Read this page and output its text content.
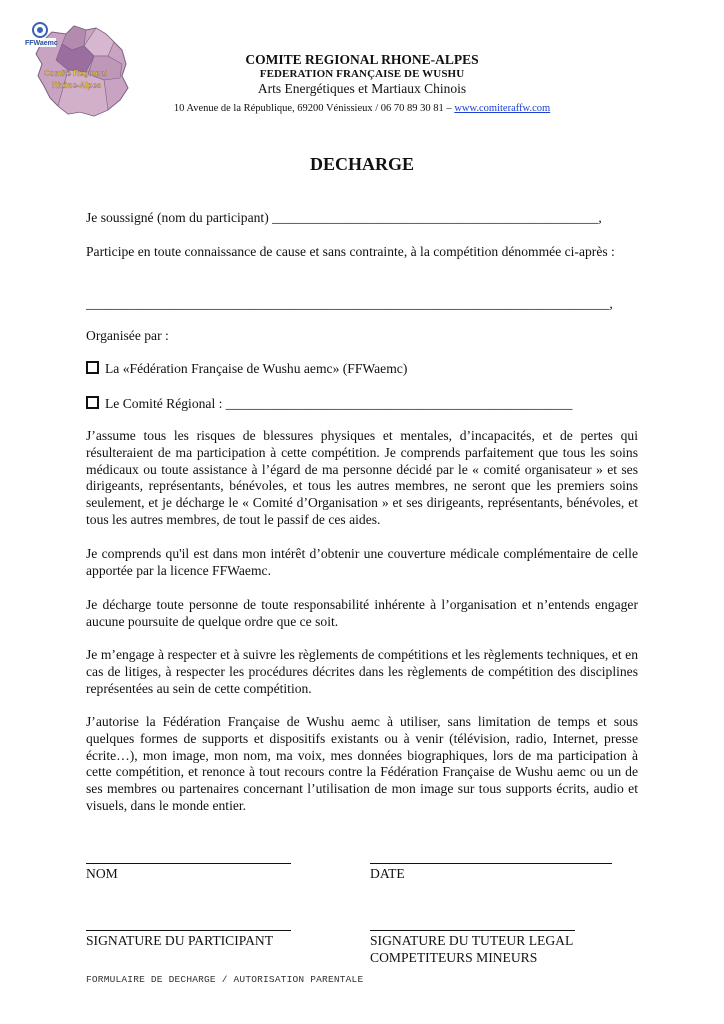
FFWaemc
Comité Régional
Rhône-Alpes
COMITE REGIONAL RHONE-ALPES
FEDERATION FRANÇAISE DE WUSHU
Arts Energétiques et Martiaux Chinois
10 Avenue de la République, 69200 Vénissieux / 06 70 89 30 81 – www.comiteraffw.com
DECHARGE
Je soussigné (nom du participant) ________________________________________________,
Participe en toute connaissance de cause et sans contrainte, à la compétition dénommée ci-après :
_____________________________________________________________________________,
Organisée par :
La «Fédération Française de Wushu aemc» (FFWaemc)
Le Comité Régional : ___________________________________________________
J’assume tous les risques de blessures physiques et mentales, d’incapacités, et de pertes qui résulteraient de ma participation à cette compétition. Je comprends parfaitement que tous les soins médicaux ou toute assistance à l’égard de ma personne décidé par le « comité organisateur » et ses dirigeants, représentants, bénévoles, et tous les autres membres, ne seront que les premiers soins seulement, et je décharge le « Comité d’Organisation » et ses dirigeants, représentants, bénévoles, et tous les autres membres, de tout le passif de ces aides.
Je comprends qu'il est dans mon intérêt d’obtenir une couverture médicale complémentaire de celle apportée par la licence FFWaemc.
Je décharge toute personne de toute responsabilité inhérente à l’organisation et n’entends engager aucune poursuite de quelque ordre que ce soit.
Je m’engage à respecter et à suivre les règlements de compétitions et les règlements techniques, et en cas de litiges, à respecter les procédures décrites dans les règlements de compétition des disciplines représentées au sein de cette compétition.
J’autorise la Fédération Française de Wushu aemc à utiliser, sans limitation de temps et sous quelques formes de supports et dispositifs existants ou à venir (télévision, radio, Internet, presse écrite…), mon image, mon nom, ma voix, mes données biographiques, lors de ma participation à cette compétition, et renonce à tout recours contre la Fédération Française de Wushu aemc ou un de ses membres ou partenaires concernant l’utilisation de mon image sur tous supports écrits, audio et visuels, dans le monde entier.
NOM	DATE
SIGNATURE DU PARTICIPANT	SIGNATURE DU TUTEUR LEGAL
COMPETITEURS MINEURS
FORMULAIRE DE DECHARGE / AUTORISATION PARENTALE
